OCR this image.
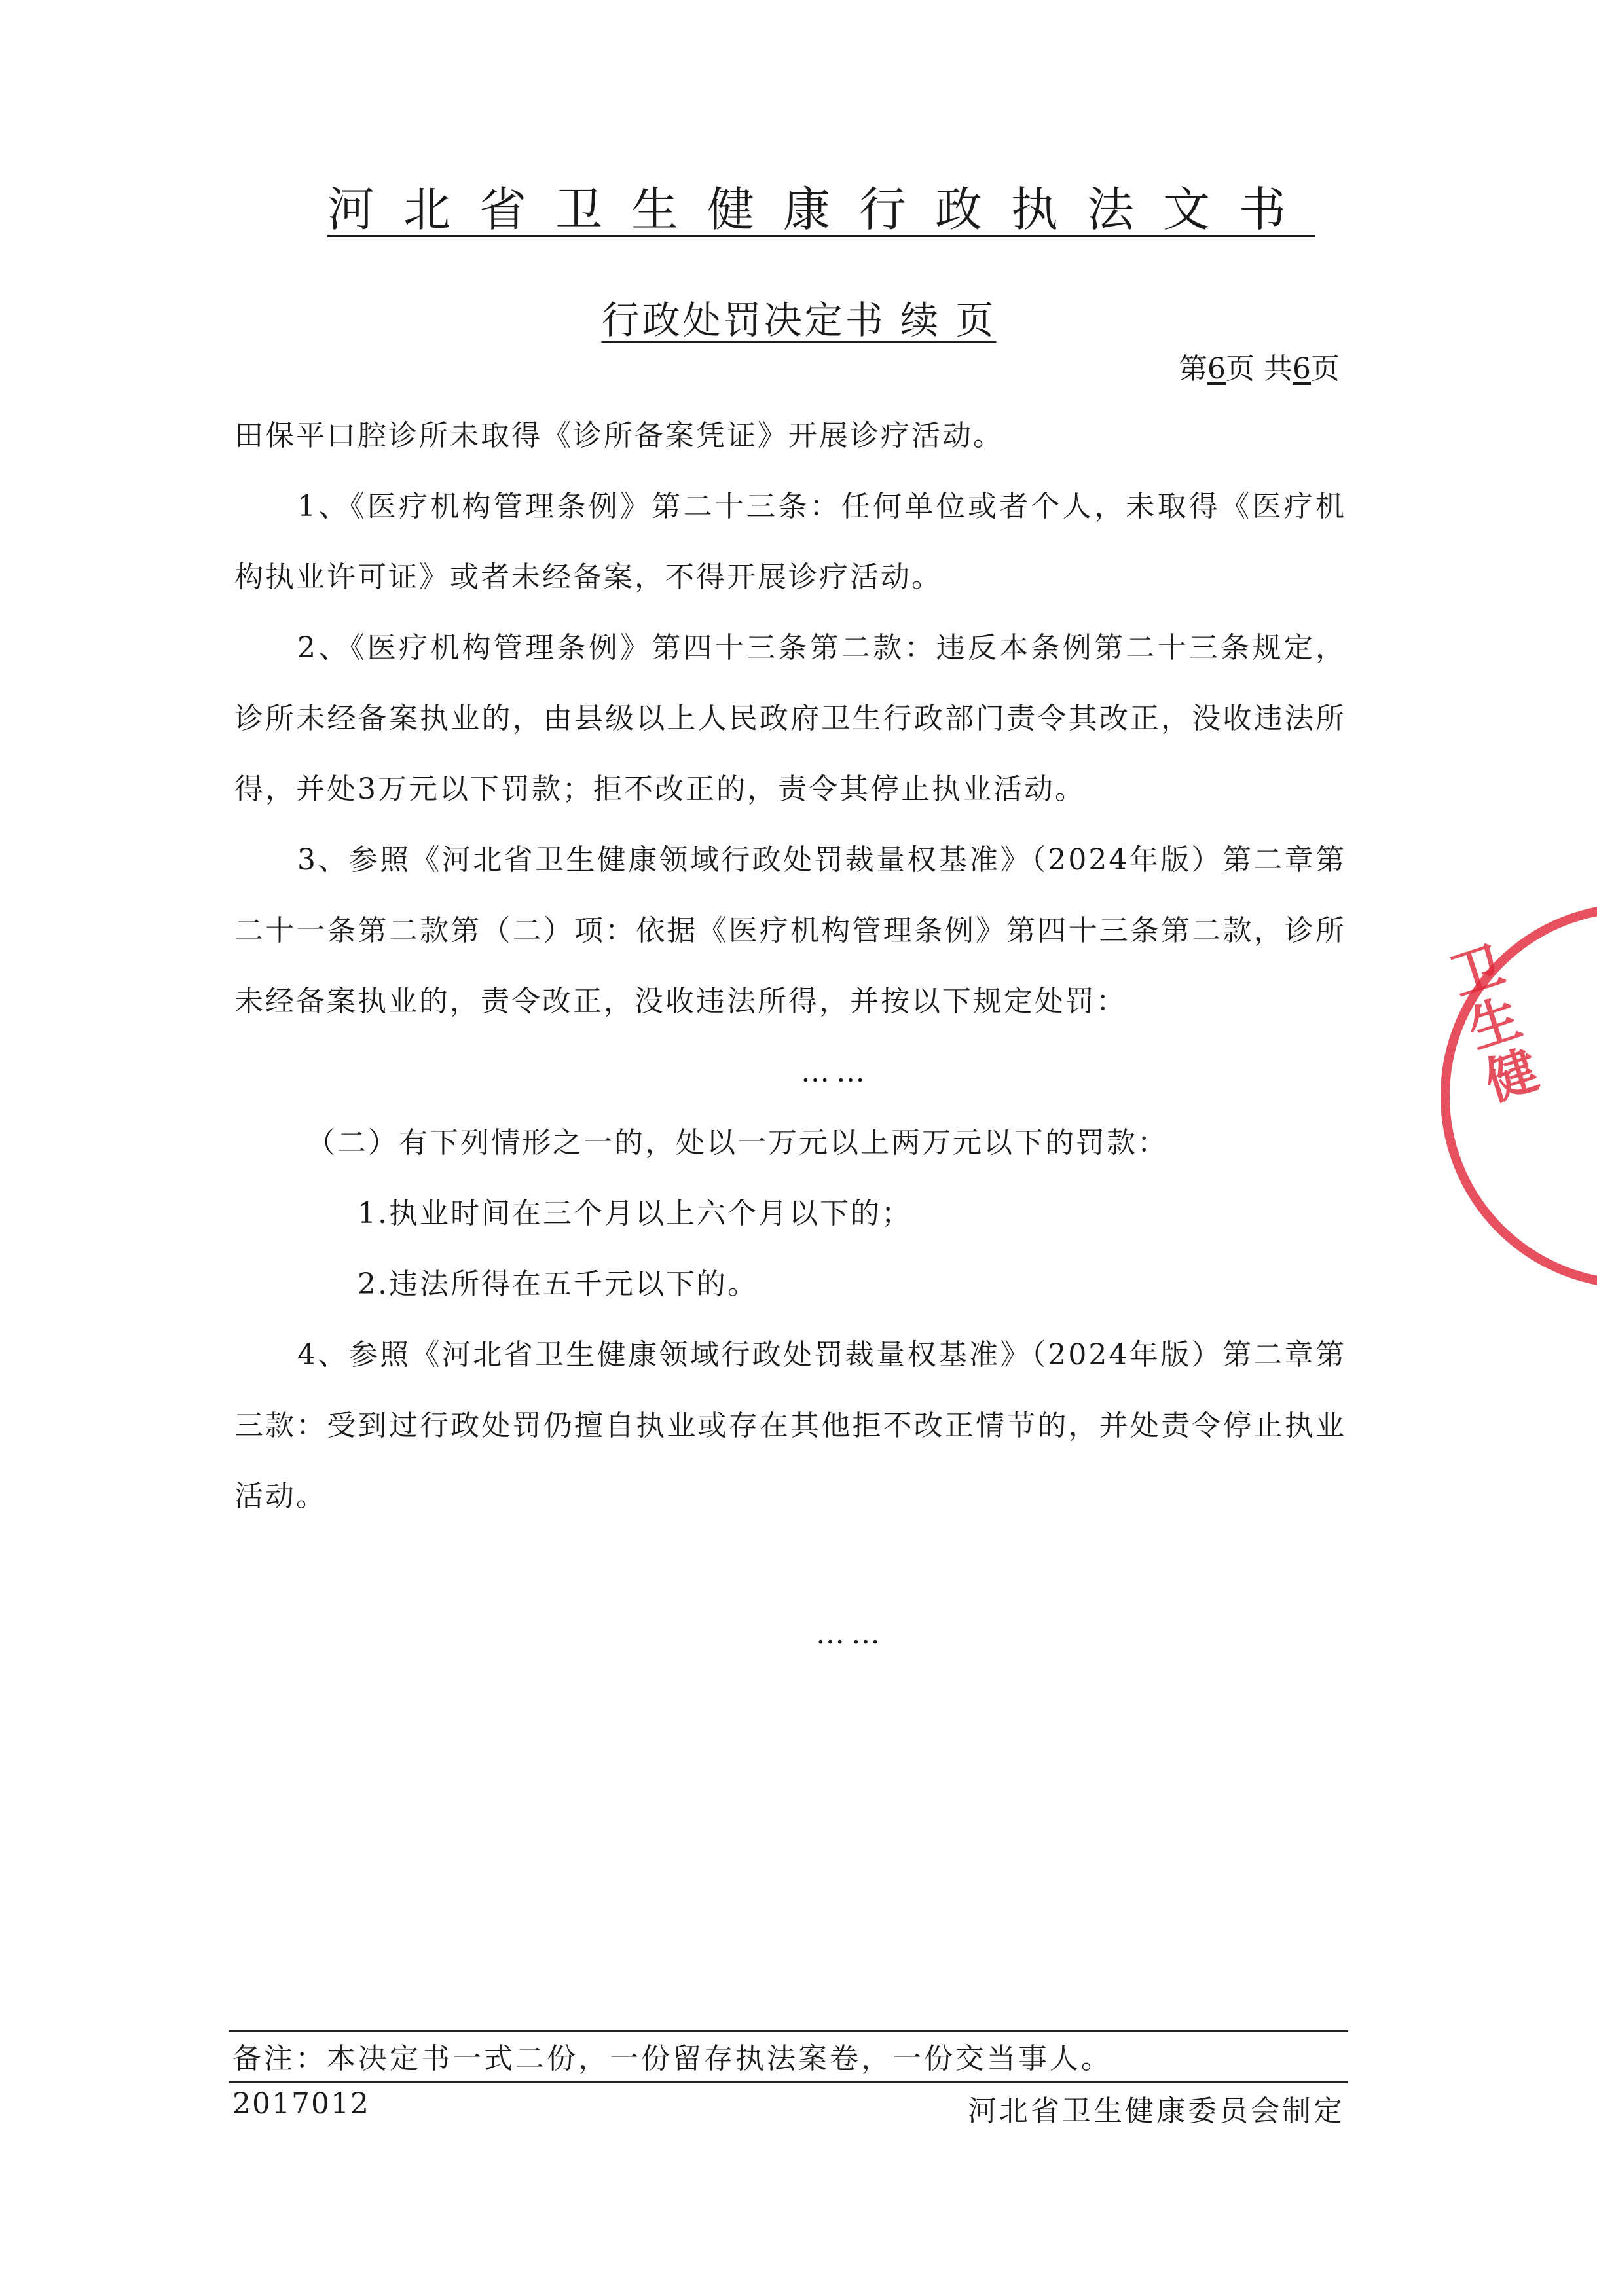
河北省卫生健康行政执法文书
行政处罚决定书 续 页
第6页 共6页

田保平口腔诊所未取得《诊所备案凭证》开展诊疗活动。

1、《医疗机构管理条例》第二十三条：任何单位或者个人，未取得《医疗机构执业许可证》或者未经备案，不得开展诊疗活动。

2、《医疗机构管理条例》第四十三条第二款：违反本条例第二十三条规定，诊所未经备案执业的，由县级以上人民政府卫生行政部门责令其改正，没收违法所得，并处3万元以下罚款；拒不改正的，责令其停止执业活动。

3、参照《河北省卫生健康领域行政处罚裁量权基准》（2024年版）第二章第二十一条第二款第（二）项：依据《医疗机构管理条例》第四十三条第二款，诊所未经备案执业的，责令改正，没收违法所得，并按以下规定处罚：

……

（二）有下列情形之一的，处以一万元以上两万元以下的罚款：

1.执业时间在三个月以上六个月以下的；

2.违法所得在五千元以下的。

4、参照《河北省卫生健康领域行政处罚裁量权基准》（2024年版）第二章第三款：受到过行政处罚仍擅自执业或存在其他拒不改正情节的，并处责令停止执业活动。

……
卫生健
备注：本决定书一式二份，一份留存执法案卷，一份交当事人。
2017012	河北省卫生健康委员会制定
